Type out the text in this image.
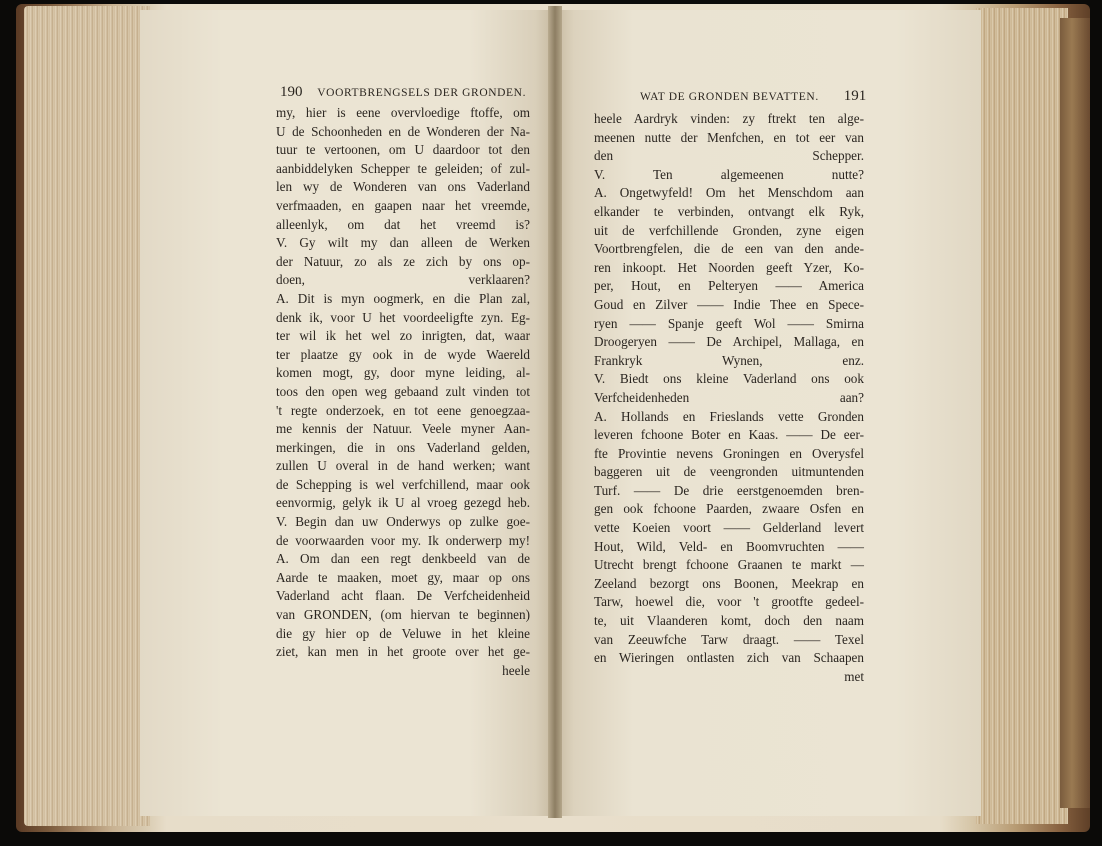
190 VOORTBRENGSELS DER GRONDEN.	WAT DE GRONDEN BEVATTEN. 191
my, hier is eene overvloedige ftoffe, om
U de Schoonheden en de Wonderen der Na-
tuur te vertoonen, om U daardoor tot den
aanbiddelyken Schepper te geleiden; of zul-
len wy de Wonderen van ons Vaderland
verfmaaden, en gaapen naar het vreemde,
alleenlyk, om dat het vreemd is?
V. Gy wilt my dan alleen de Werken
der Natuur, zo als ze zich by ons op-
doen, verklaaren?
A. Dit is myn oogmerk, en die Plan zal,
denk ik, voor U het voordeeligfte zyn. Eg-
ter wil ik het wel zo inrigten, dat, waar
ter plaatze gy ook in de wyde Waereld
komen mogt, gy, door myne leiding, al-
toos den open weg gebaand zult vinden tot
't regte onderzoek, en tot eene genoegzaa-
me kennis der Natuur. Veele myner Aan-
merkingen, die in ons Vaderland gelden,
zullen U overal in de hand werken; want
de Schepping is wel verfchillend, maar ook
eenvormig, gelyk ik U al vroeg gezegd heb.
V. Begin dan uw Onderwys op zulke goe-
de voorwaarden voor my. Ik onderwerp my!
A. Om dan een regt denkbeeld van de
Aarde te maaken, moet gy, maar op ons
Vaderland acht flaan. De Verfcheidenheid
van GRONDEN, (om hiervan te beginnen)
die gy hier op de Veluwe in het kleine
ziet, kan men in het groote over het ge-
heele
heele Aardryk vinden: zy ftrekt ten alge-
meenen nutte der Menfchen, en tot eer van
den Schepper.
V. Ten algemeenen nutte?
A. Ongetwyfeld! Om het Menschdom aan
elkander te verbinden, ontvangt elk Ryk,
uit de verfchillende Gronden, zyne eigen
Voortbrengfelen, die de een van den ande-
ren inkoopt. Het Noorden geeft Yzer, Ko-
per, Hout, en Pelteryen —— America
Goud en Zilver —— Indie Thee en Specе-
ryen —— Spanje geeft Wol —— Smirna
Droogeryen —— De Archipel, Mallaga, en
Frankryk Wynen, enz.
V. Biedt ons kleine Vaderland ons ook
Verfcheidenheden aan?
A. Hollands en Frieslands vette Gronden
leveren fchoone Boter en Kaas. —— De eer-
fte Provintie nevens Groningen en Overysfel
baggeren uit de veengronden uitmuntenden
Turf. —— De drie eerstgenoemden bren-
gen ook fchoone Paarden, zwaare Osfen en
vette Koeien voort —— Gelderland levert
Hout, Wild, Veld- en Boomvruchten ——
Utrecht brengt fchoone Graanen te markt —
Zeeland bezorgt ons Boonen, Meekrap en
Tarw, hoewel die, voor 't grootfte gedeel-
te, uit Vlaanderen komt, doch den naam
van Zeeuwfche Tarw draagt. —— Texel
en Wieringen ontlasten zich van Schaapen
met
